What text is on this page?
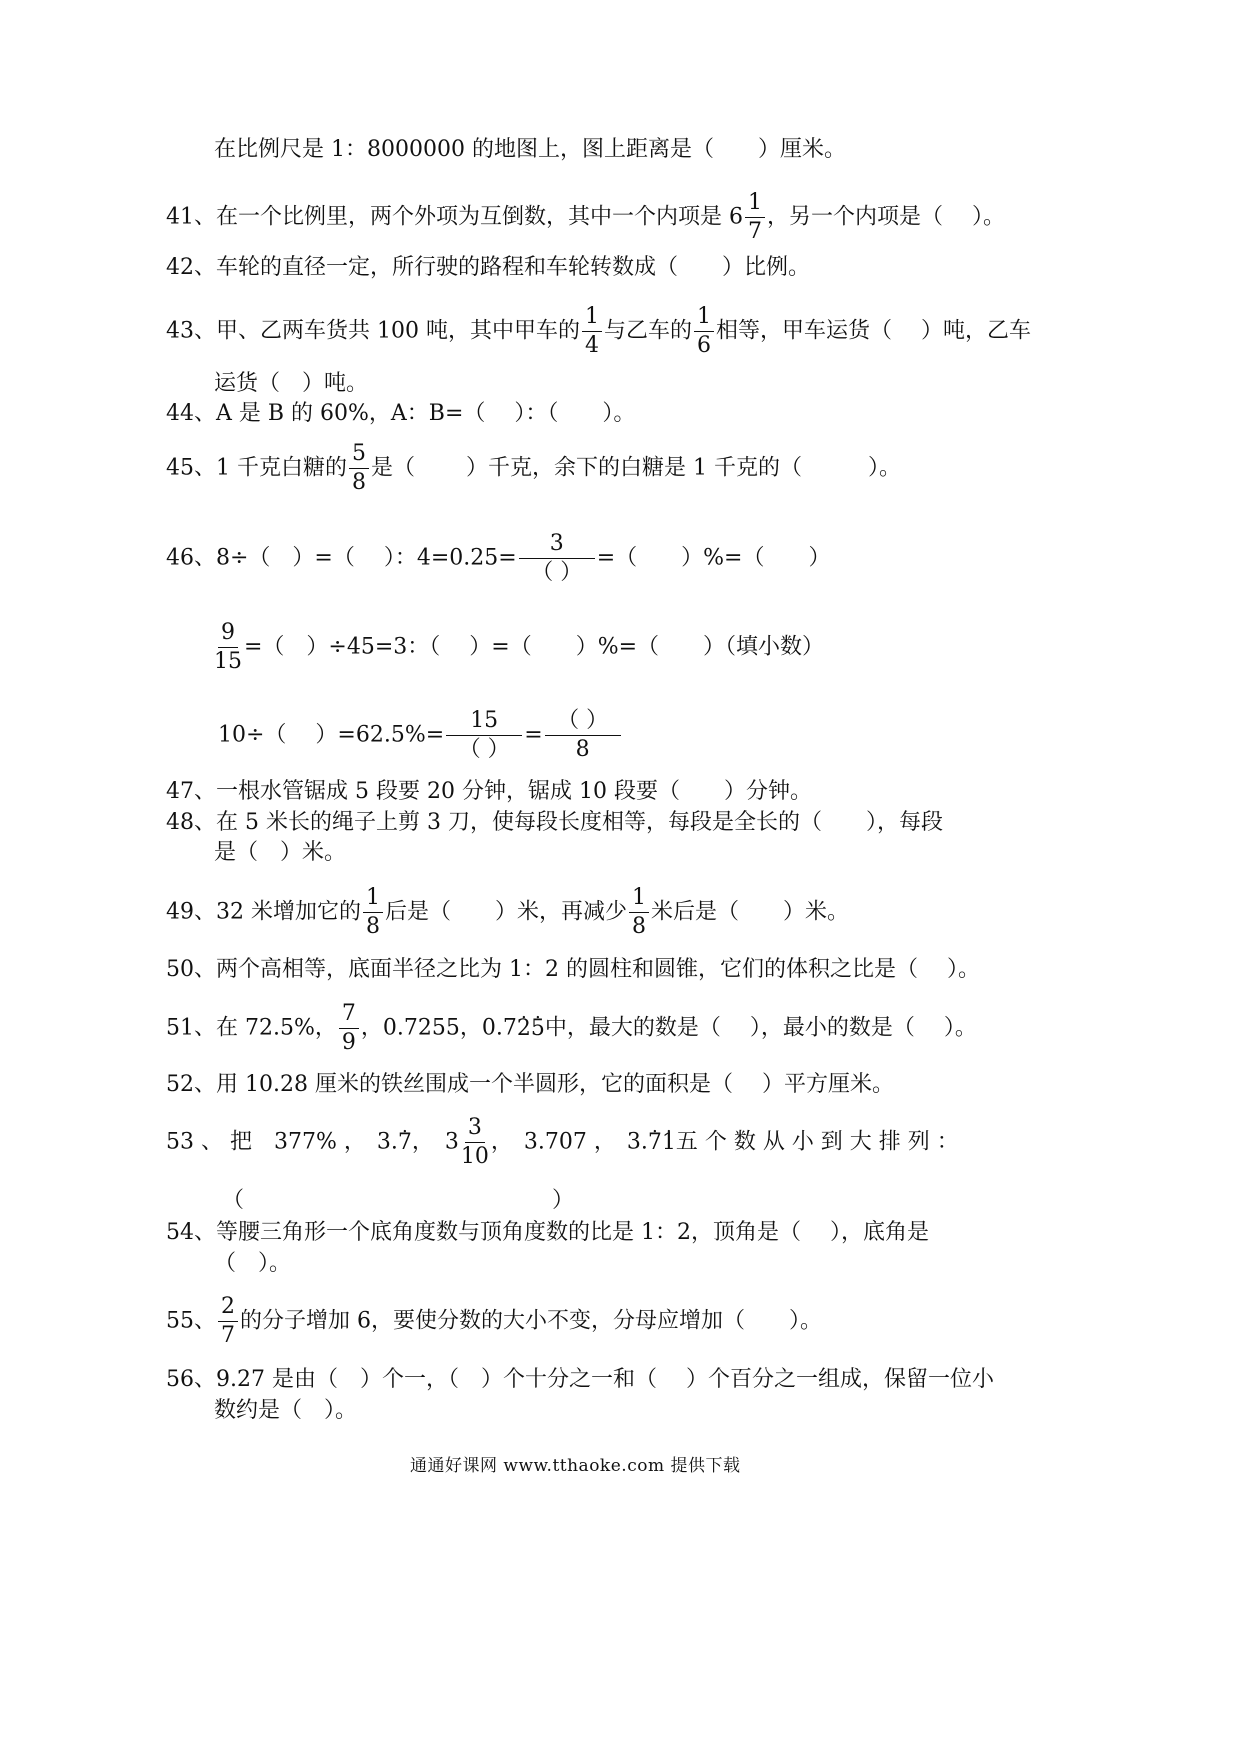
在比例尺是 1：8000000 的地图上，图上距离是（　　）厘米。
41、在一个比例里，两个外项为互倒数，其中一个内项是 $6 \frac{1}{7}$ ，另一个内项是（　 ）。
42、车轮的直径一定，所行驶的路程和车轮转数成（　　）比例。
43、甲、乙两车货共 100 吨，其中甲车的 $\frac{1}{4}$ 与乙车的 $\frac{1}{6}$ 相等，甲车运货（　 ）吨，乙车
运货（　）吨。
44、A 是 B 的 60%，A：B=（　 ）：（　　）。
45、1 千克白糖的 $\frac{5}{8}$ 是（　　 ）千克，余下的白糖是 1 千克的（　　　）。
46、8÷（　）=（　 ）：4=0.25=
3
（ ）
=（　　）%=（　　）
$\frac{9}{15}$ =（　）÷45=3：（　 ）=（　　）%=（　　）（填小数）
10÷（　 ）=62.5%=
15
（ ）
=
（ ）
8
47、一根水管锯成 5 段要 20 分钟，锯成 10 段要（　　）分钟。
48、在 5 米长的绳子上剪 3 刀，使每段长度相等，每段是全长的（　　），每段
是（　）米。
49、32 米增加它的 $\frac{1}{8}$ 后是（　　）米，再减少 $\frac{1}{8}$ 米后是（　　）米。
50、两个高相等，底面半径之比为 1：2 的圆柱和圆锥，它们的体积之比是（　 ）。
51、在 72.5%， $\frac{7}{9}$ ，0.7255，0.7. 2. 5中，最大的数是（　 ），最小的数是（　 ）。
52、用 10.28 厘米的铁丝围成一个半圆形，它的面积是（　 ）平方厘米。
53 、 把　377% ，　3.. 7，　$3 \frac{3}{10}$ ，　3.707 ，　3.. 7. 1五 个 数 从 小 到 大 排 列 ：
（　　　　　　　　　　　　　　）
54、等腰三角形一个底角度数与顶角度数的比是 1：2，顶角是（　 ），底角是
（　）。
55、 $\frac{2}{7}$ 的分子增加 6，要使分数的大小不变，分母应增加（　　）。
56、9.27 是由（　）个一，（　）个十分之一和（　 ）个百分之一组成，保留一位小
数约是（　）。
通通好课网 www.tthaoke.com 提供下载
